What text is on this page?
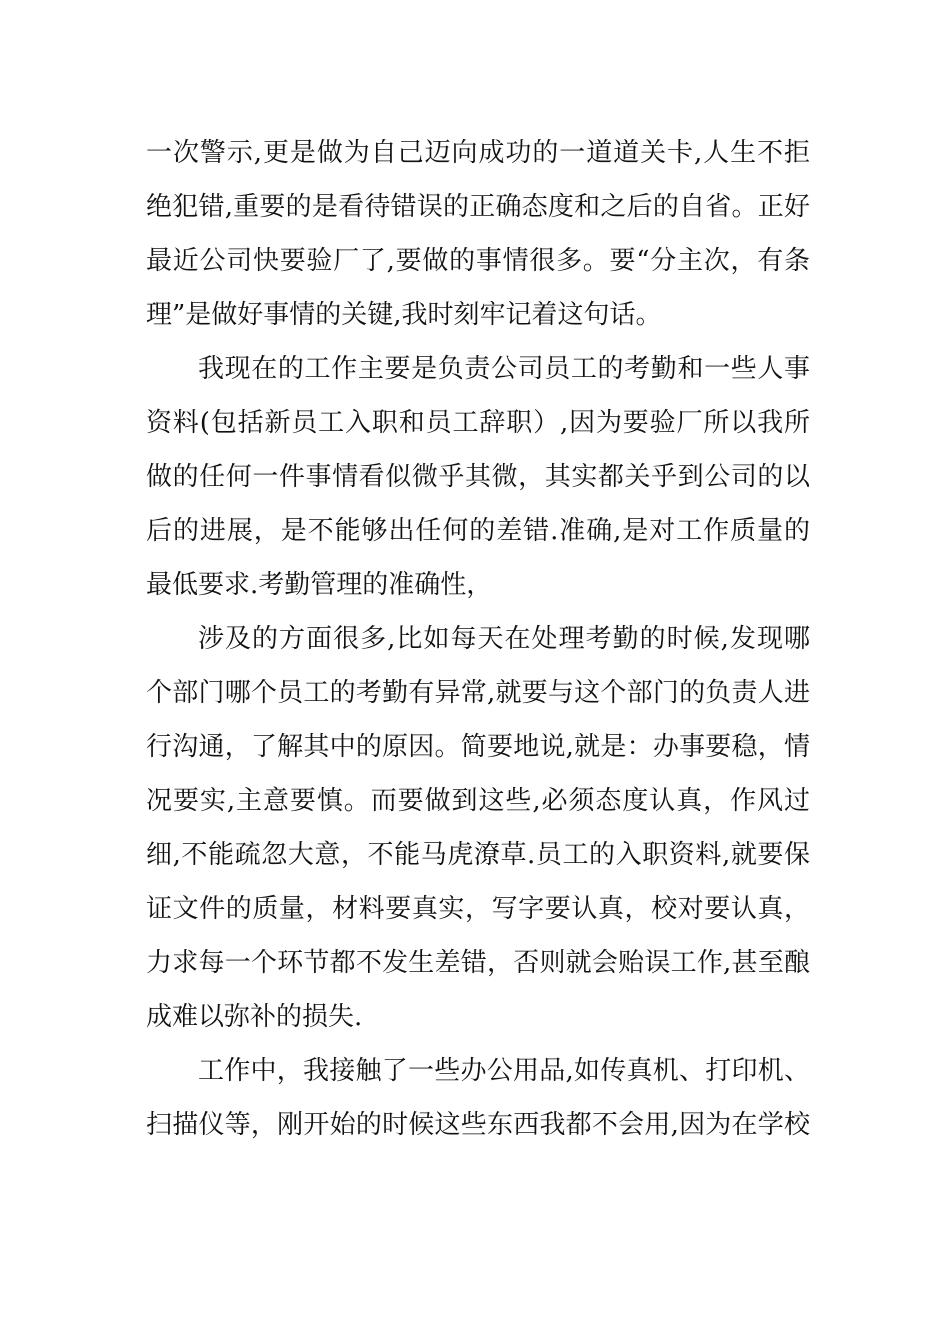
一次警示,更是做为自己迈向成功的一道道关卡,人生不拒
绝犯错,重要的是看待错误的正确态度和之后的自省。正好
最近公司快要验厂了,要做的事情很多。要“分主次，有条
理”是做好事情的关键,我时刻牢记着这句话。
我现在的工作主要是负责公司员工的考勤和一些人事
资料(包括新员工入职和员工辞职）,因为要验厂所以我所
做的任何一件事情看似微乎其微，其实都关乎到公司的以
后的进展，是不能够出任何的差错.准确,是对工作质量的
最低要求.考勤管理的准确性，
涉及的方面很多,比如每天在处理考勤的时候,发现哪
个部门哪个员工的考勤有异常,就要与这个部门的负责人进
行沟通，了解其中的原因。简要地说,就是：办事要稳，情
况要实,主意要慎。而要做到这些,必须态度认真，作风过
细,不能疏忽大意，不能马虎潦草.员工的入职资料,就要保
证文件的质量，材料要真实，写字要认真，校对要认真，
力求每一个环节都不发生差错，否则就会贻误工作,甚至酿
成难以弥补的损失.
工作中，我接触了一些办公用品,如传真机、打印机、
扫描仪等，刚开始的时候这些东西我都不会用,因为在学校
